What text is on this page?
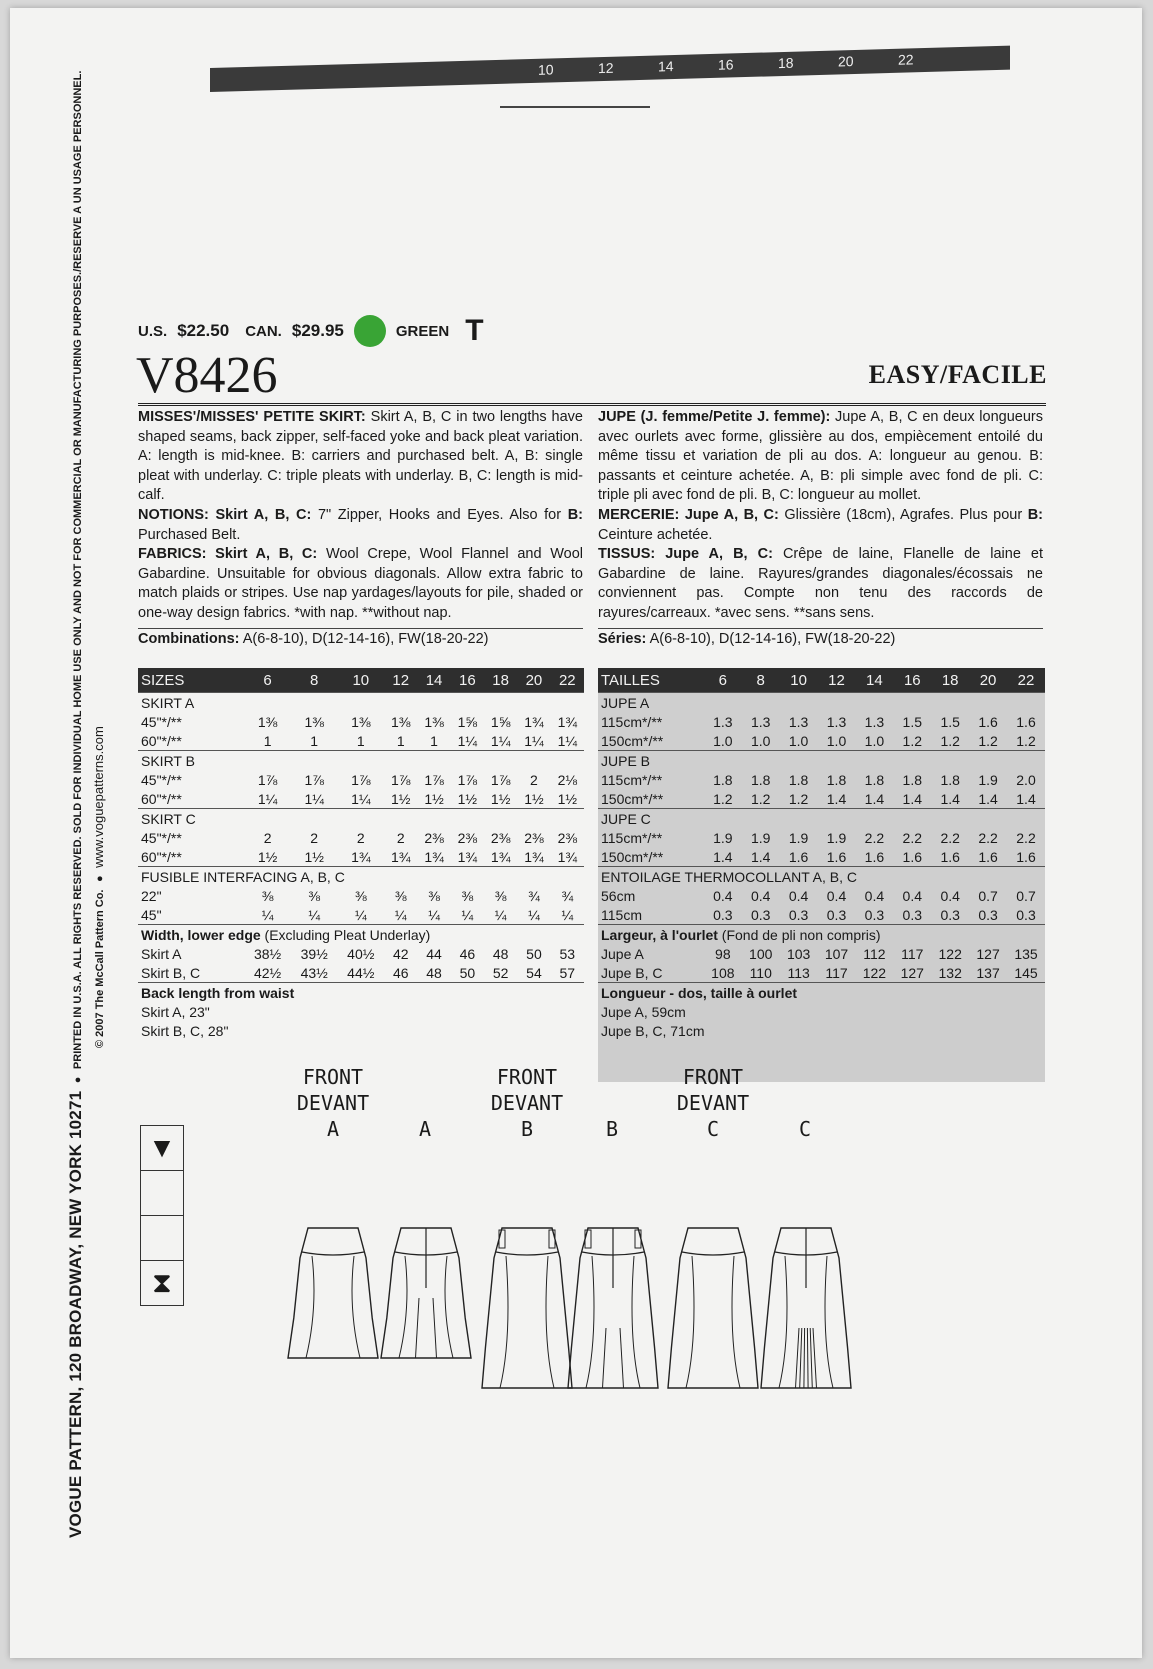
10	12	14	16	18	20	22
VOGUE PATTERN, 120 BROADWAY, NEW YORK 10271  ●  PRINTED IN U.S.A. ALL RIGHTS RESERVED. SOLD FOR INDIVIDUAL HOME USE ONLY AND NOT FOR COMMERCIAL OR MANUFACTURING PURPOSES./RESERVE A UN USAGE PERSONNEL. © 2007 The McCall Pattern Co.  ●  www.voguepatterns.com
U.S. $22.50 CAN. $29.95	GREEN T
V8426	EASY/FACILE
MISSES'/MISSES' PETITE SKIRT: Skirt A, B, C in two lengths have shaped seams, back zipper, self-faced yoke and back pleat variation. A: length is mid-knee. B: carriers and purchased belt. A, B: single pleat with underlay. C: triple pleats with underlay. B, C: length is mid-calf.
NOTIONS: Skirt A, B, C: 7" Zipper, Hooks and Eyes. Also for B: Purchased Belt.
FABRICS: Skirt A, B, C: Wool Crepe, Wool Flannel and Wool Gabardine. Unsuitable for obvious diagonals. Allow extra fabric to match plaids or stripes. Use nap yardages/layouts for pile, shaded or one-way design fabrics. *with nap. **without nap.
Combinations: A(6-8-10), D(12-14-16), FW(18-20-22)
JUPE (J. femme/Petite J. femme): Jupe A, B, C en deux longueurs avec ourlets avec forme, glissière au dos, empiècement entoilé du même tissu et variation de pli au dos. A: longueur au genou. B: passants et ceinture achetée. A, B: pli simple avec fond de pli. C: triple pli avec fond de pli. B, C: longueur au mollet.
MERCERIE: Jupe A, B, C: Glissière (18cm), Agrafes. Plus pour B: Ceinture achetée.
TISSUS: Jupe A, B, C: Crêpe de laine, Flanelle de laine et Gabardine de laine. Rayures/grandes diagonales/écossais ne conviennent pas. Compte non tenu des raccords de rayures/carreaux. *avec sens. **sans sens.
Séries: A(6-8-10), D(12-14-16), FW(18-20-22)
SIZES	6	8	10	12	14	16	18	20	22
SKIRT A									
45"*/**	1⅜	1⅜	1⅜	1⅜	1⅜	1⅝	1⅝	1¾	1¾
60"*/**	1	1	1	1	1	1¼	1¼	1¼	1¼
SKIRT B									
45"*/**	1⅞	1⅞	1⅞	1⅞	1⅞	1⅞	1⅞	2	2⅛
60"*/**	1¼	1¼	1¼	1½	1½	1½	1½	1½	1½
SKIRT C									
45"*/**	2	2	2	2	2⅜	2⅜	2⅜	2⅜	2⅜
60"*/**	1½	1½	1¾	1¾	1¾	1¾	1¾	1¾	1¾
FUSIBLE INTERFACING A, B, C									
22"	⅜	⅜	⅜	⅜	⅜	⅜	⅜	¾	¾
45"	¼	¼	¼	¼	¼	¼	¼	¼	¼
Width, lower edge (Excluding Pleat Underlay)									
Skirt A	38½	39½	40½	42	44	46	48	50	53
Skirt B, C	42½	43½	44½	46	48	50	52	54	57
Back length from waist									
Skirt A, 23"									
Skirt B, C, 28"									
TAILLES	6	8	10	12	14	16	18	20	22
JUPE A									
115cm*/**	1.3	1.3	1.3	1.3	1.3	1.5	1.5	1.6	1.6
150cm*/**	1.0	1.0	1.0	1.0	1.0	1.2	1.2	1.2	1.2
JUPE B									
115cm*/**	1.8	1.8	1.8	1.8	1.8	1.8	1.8	1.9	2.0
150cm*/**	1.2	1.2	1.2	1.4	1.4	1.4	1.4	1.4	1.4
JUPE C									
115cm*/**	1.9	1.9	1.9	1.9	2.2	2.2	2.2	2.2	2.2
150cm*/**	1.4	1.4	1.6	1.6	1.6	1.6	1.6	1.6	1.6
ENTOILAGE THERMOCOLLANT A, B, C									
56cm	0.4	0.4	0.4	0.4	0.4	0.4	0.4	0.7	0.7
115cm	0.3	0.3	0.3	0.3	0.3	0.3	0.3	0.3	0.3
Largeur, à l'ourlet (Fond de pli non compris)									
Jupe A	98	100	103	107	112	117	122	127	135
Jupe B, C	108	110	113	117	122	127	132	137	145
Longueur - dos, taille à ourlet									
Jupe A, 59cm									
Jupe B, C, 71cm									
▼
⧗
FRONT
DEVANT
A	A
FRONT
DEVANT
B	B
FRONT
DEVANT
C	C
